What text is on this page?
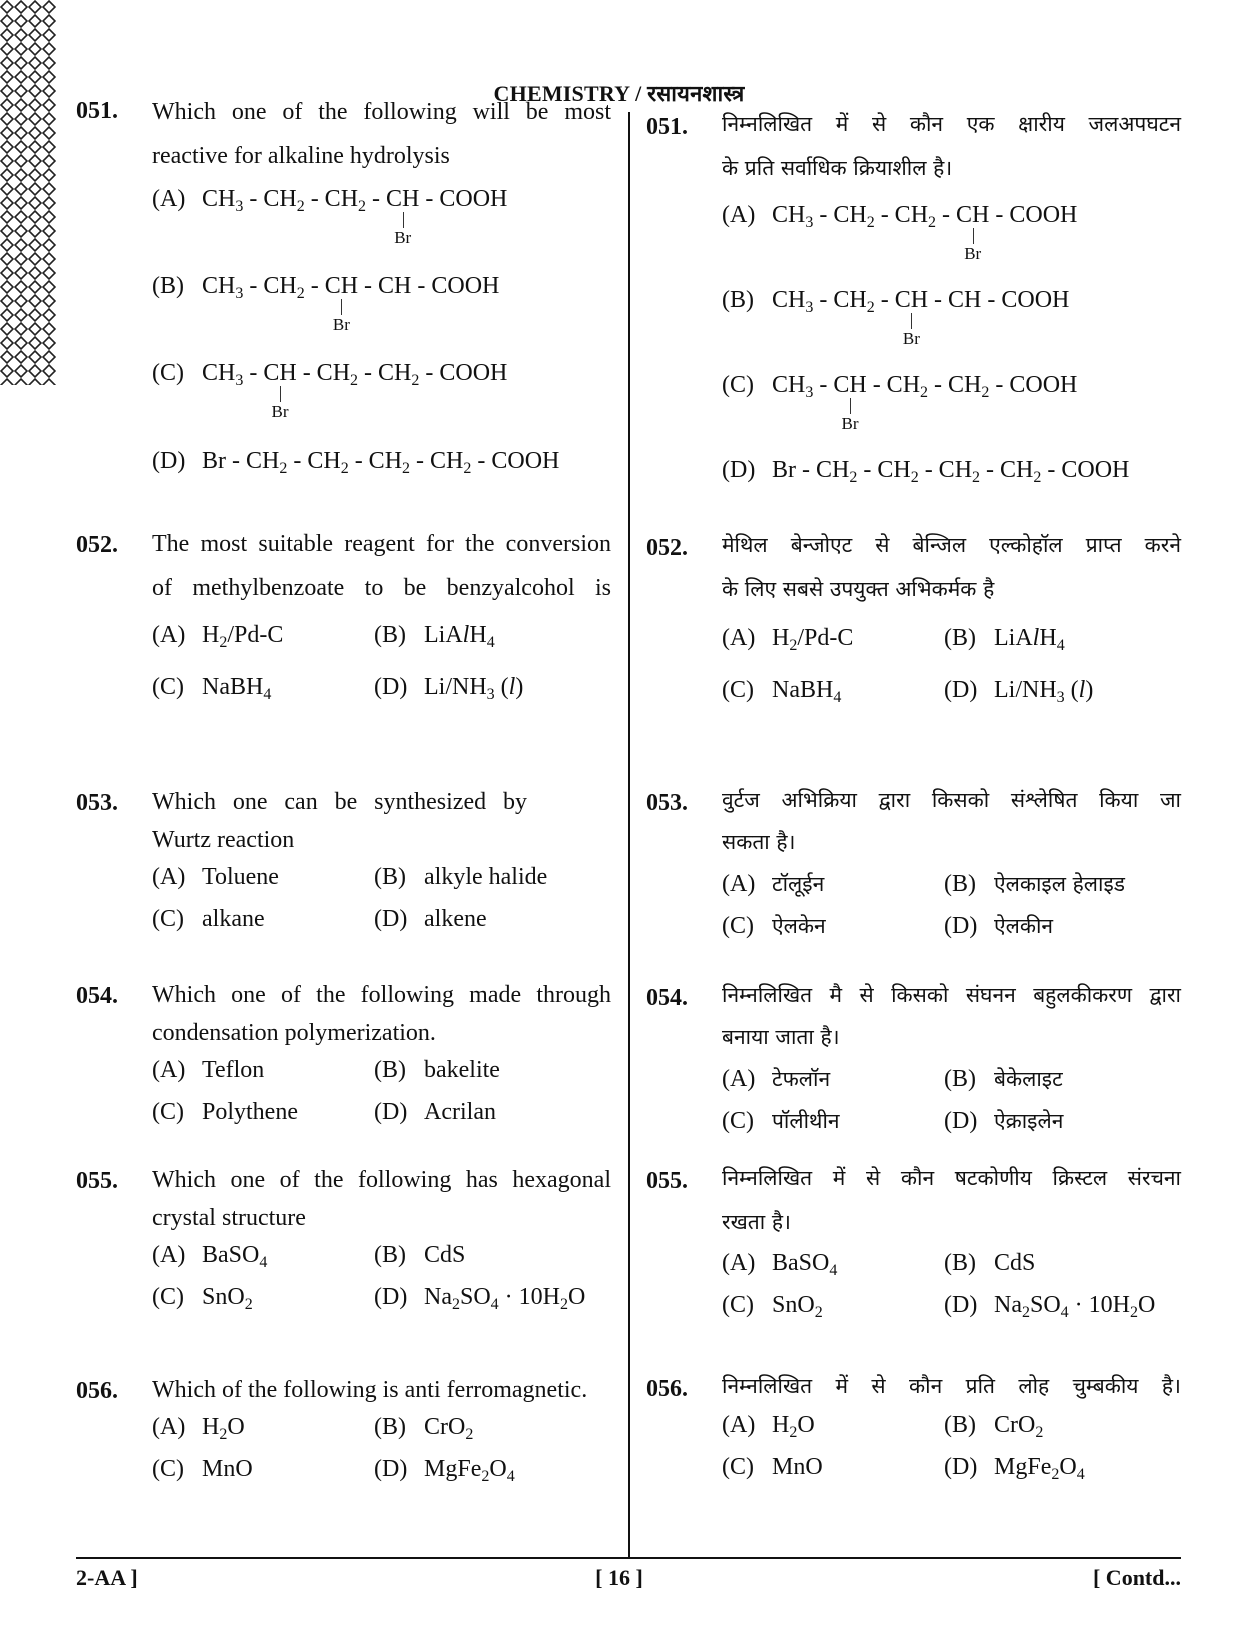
CHEMISTRY / रसायनशास्त्र
051. Which one of the following will be most
reactive for alkaline hydrolysis
(A) $CH_3 - CH_2 - CH_2$ - CH
Br
- COOH
(B) $CH_3 - CH_2$ - CH
Br
- CH - COOH
(C) $CH_3$ - CH
Br
- $CH_2 - CH_2$ - COOH
(D) Br - $CH_2 - CH_2 - CH_2 - CH_2$ - COOH
052. The most suitable reagent for the conversion
of methylbenzoate to be benzyalcohol is
(A) $H_2/Pd-C$	(B) LiAlH$_4$
(C) NaBH$_4$	(D) $Li/NH_3$ (l)
053. Which one can be synthesized by
Wurtz reaction
(A) Toluene	(B) alkyle halide
(C) alkane	(D) alkene
054. Which one of the following made through
condensation polymerization.
(A) Teflon	(B) bakelite
(C) Polythene	(D) Acrilan
055. Which one of the following has hexagonal
crystal structure
(A) BaSO$_4$	(B) CdS
(C) SnO$_2$	(D) $Na_2SO_4 \cdot 10H_2O$
056. Which of the following is anti ferromagnetic.
(A) $H_2O$	(B) CrO$_2$
(C) MnO	(D) $MgFe_2O_4$
051. निम्नलिखित में से कौन एक क्षारीय जलअपघटन
के प्रति सर्वाधिक क्रियाशील है।
(A) $CH_3 - CH_2 - CH_2$ - CH
Br
- COOH
(B) $CH_3 - CH_2$ - CH
Br
- CH - COOH
(C) $CH_3$ - CH
Br
- $CH_2 - CH_2$ - COOH
(D) Br - $CH_2 - CH_2 - CH_2 - CH_2$ - COOH
052. मेथिल बेन्जोएट से बेन्जिल एल्कोहॉल प्राप्त करने
के लिए सबसे उपयुक्त अभिकर्मक है
(A) $H_2/Pd-C$	(B) LiAlH$_4$
(C) NaBH$_4$	(D) $Li/NH_3$ (l)
053. वुर्टज अभिक्रिया द्वारा किसको संश्लेषित किया जा
सकता है।
(A) टॉलूईन	(B) ऐलकाइल हेलाइड
(C) ऐलकेन	(D) ऐलकीन
054. निम्नलिखित मै से किसको संघनन बहुलकीकरण द्वारा
बनाया जाता है।
(A) टेफलॉन	(B) बेकेलाइट
(C) पॉलीथीन	(D) ऐक्राइलेन
055. निम्नलिखित में से कौन षटकोणीय क्रिस्टल संरचना
रखता है।
(A) BaSO$_4$	(B) CdS
(C) SnO$_2$	(D) $Na_2SO_4 \cdot 10H_2O$
056. निम्नलिखित में से कौन प्रति लोह चुम्बकीय है।
(A) $H_2O$	(B) CrO$_2$
(C) MnO	(D) $MgFe_2O_4$
2-AA ]	[ 16 ]	[ Contd...
